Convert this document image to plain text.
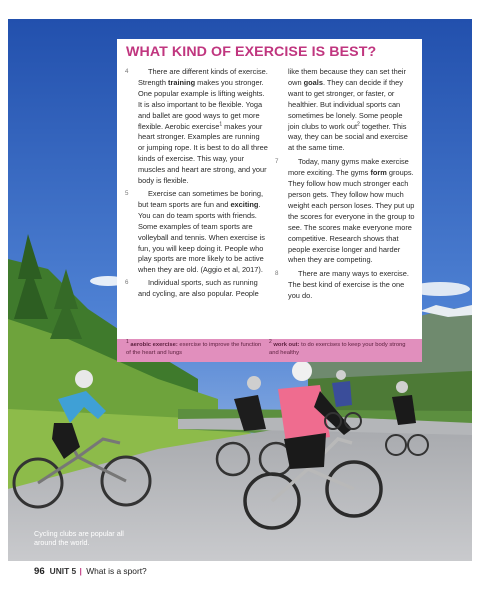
WHAT KIND OF EXERCISE IS BEST?

4	There are different kinds of exercise. Strength training makes you stronger. One popular example is lifting weights. It is also important to be flexible. Yoga and ballet are good ways to get more flexible. Aerobic exercise$^1$ makes your heart stronger. Examples are running or jumping rope. It is best to do all three kinds of exercise. This way, your muscles and heart are strong, and your body is flexible.

5	Exercise can sometimes be boring, but team sports are fun and exciting. You can do team sports with friends. Some examples of team sports are volleyball and tennis. When exercise is fun, you will keep doing it. People who play sports are more likely to be active when they are old. (Aggio et al, 2017).

6	Individual sports, such as running and cycling, are also popular. People

like them because they can set their own goals. They can decide if they want to get stronger, or faster, or healthier. But individual sports can sometimes be lonely. Some people join clubs to work out$^2$ together. This way, they can be social and exercise at the same time.

7	Today, many gyms make exercise more exciting. The gyms form groups. They follow how much stronger each person gets. They follow how much weight each person loses. They put up the scores for everyone in the group to see. The scores make everyone more competitive. Research shows that people exercise longer and harder when they are competing.

8	There are many ways to exercise. The best kind of exercise is the one you do.

1 aerobic exercise: exercise to improve the function of the heart and lungs
2 work out: to do exercises to keep your body strong and healthy
Cycling clubs are popular all around the world.
96 UNIT 5 | What is a sport?
